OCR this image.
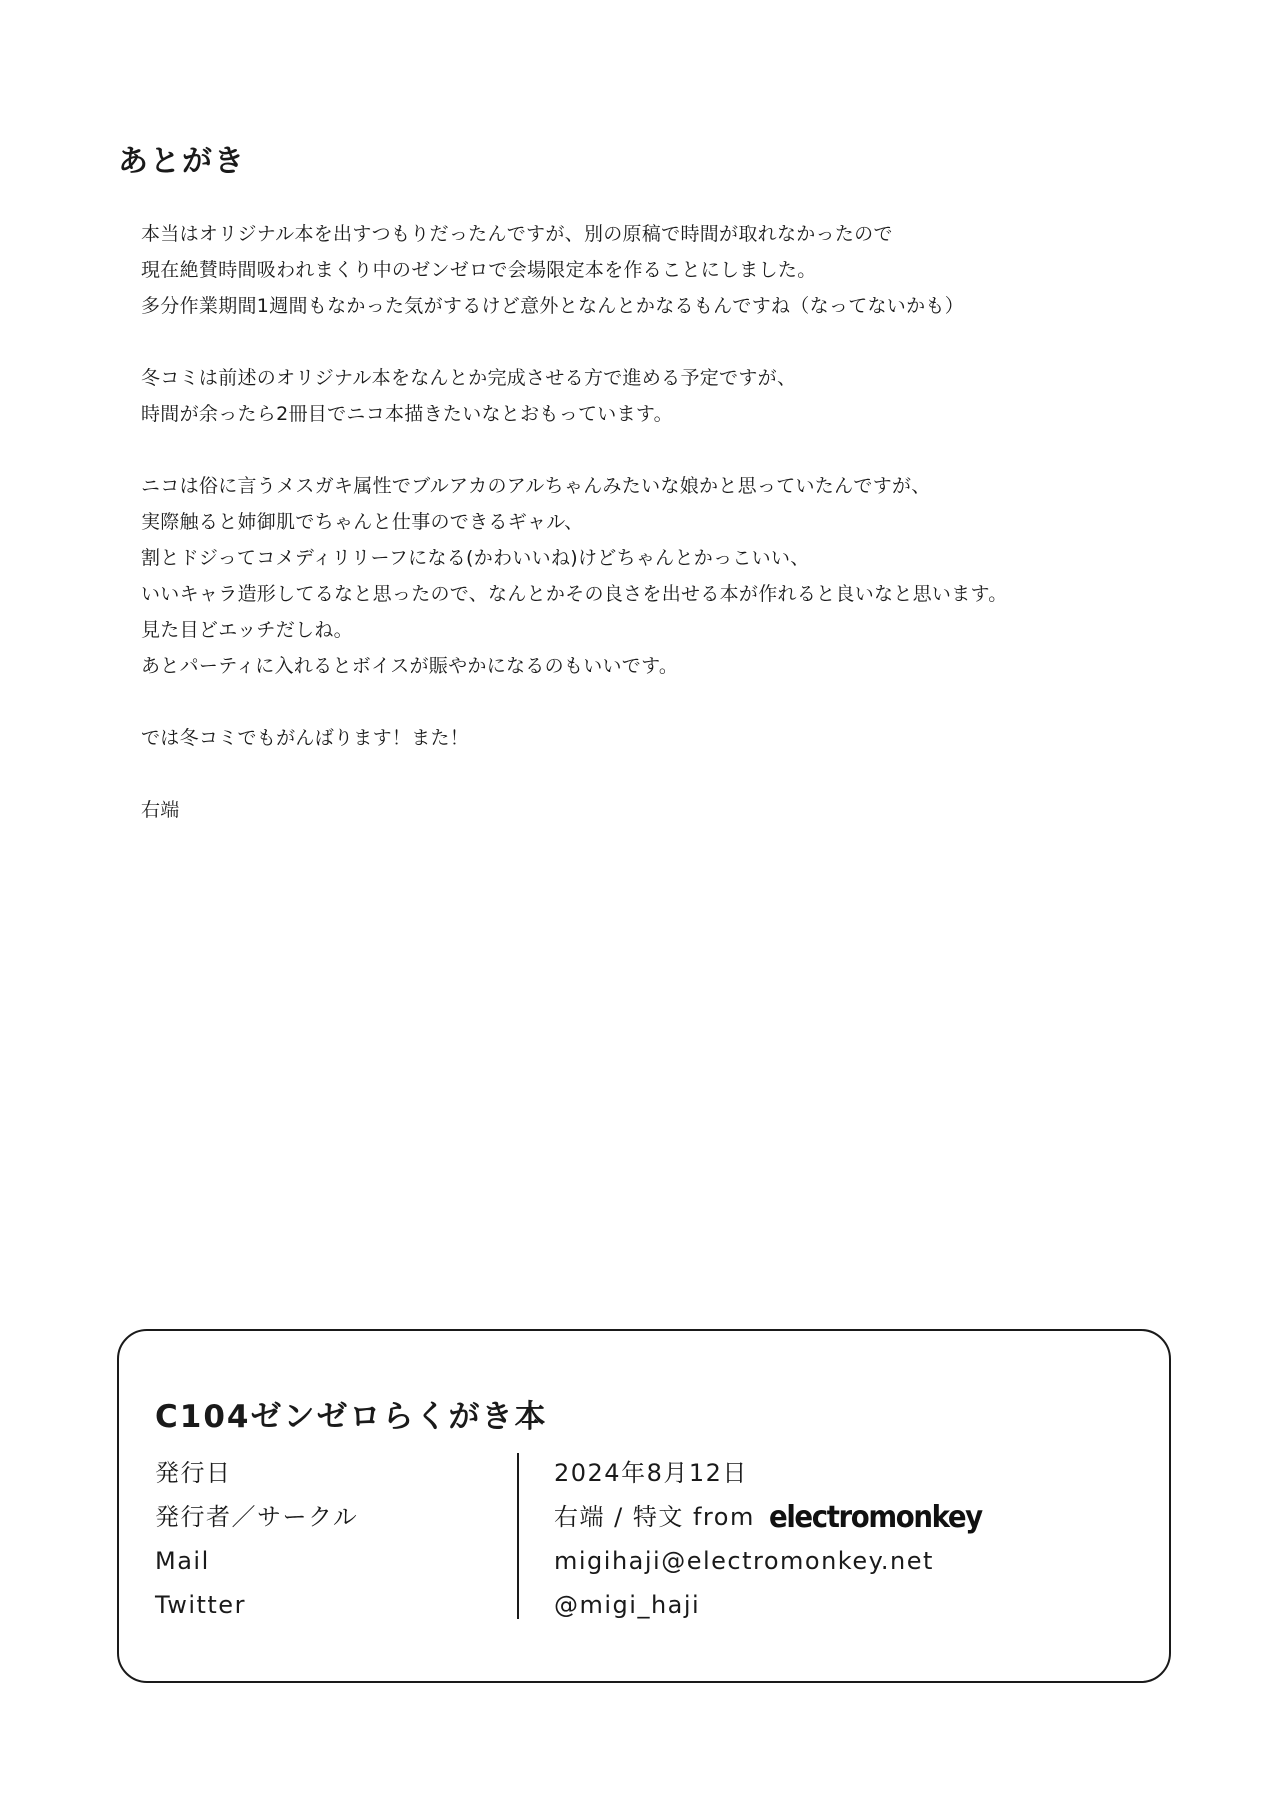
あとがき

本当はオリジナル本を出すつもりだったんですが、別の原稿で時間が取れなかったので
現在絶賛時間吸われまくり中のゼンゼロで会場限定本を作ることにしました。
多分作業期間1週間もなかった気がするけど意外となんとかなるもんですね（なってないかも）

冬コミは前述のオリジナル本をなんとか完成させる方で進める予定ですが、
時間が余ったら2冊目でニコ本描きたいなとおもっています。

ニコは俗に言うメスガキ属性でブルアカのアルちゃんみたいな娘かと思っていたんですが、
実際触ると姉御肌でちゃんと仕事のできるギャル、
割とドジってコメディリリーフになる(かわいいね)けどちゃんとかっこいい、
いいキャラ造形してるなと思ったので、なんとかその良さを出せる本が作れると良いなと思います。
見た目どエッチだしね。
あとパーティに入れるとボイスが賑やかになるのもいいです。

では冬コミでもがんばります！また！

右端

C104ゼンゼロらくがき本
発行日	2024年8月12日
発行者／サークル	右端 / 特文 from electromonkey
Mail	migihaji@electromonkey.net
Twitter	@migi_haji
